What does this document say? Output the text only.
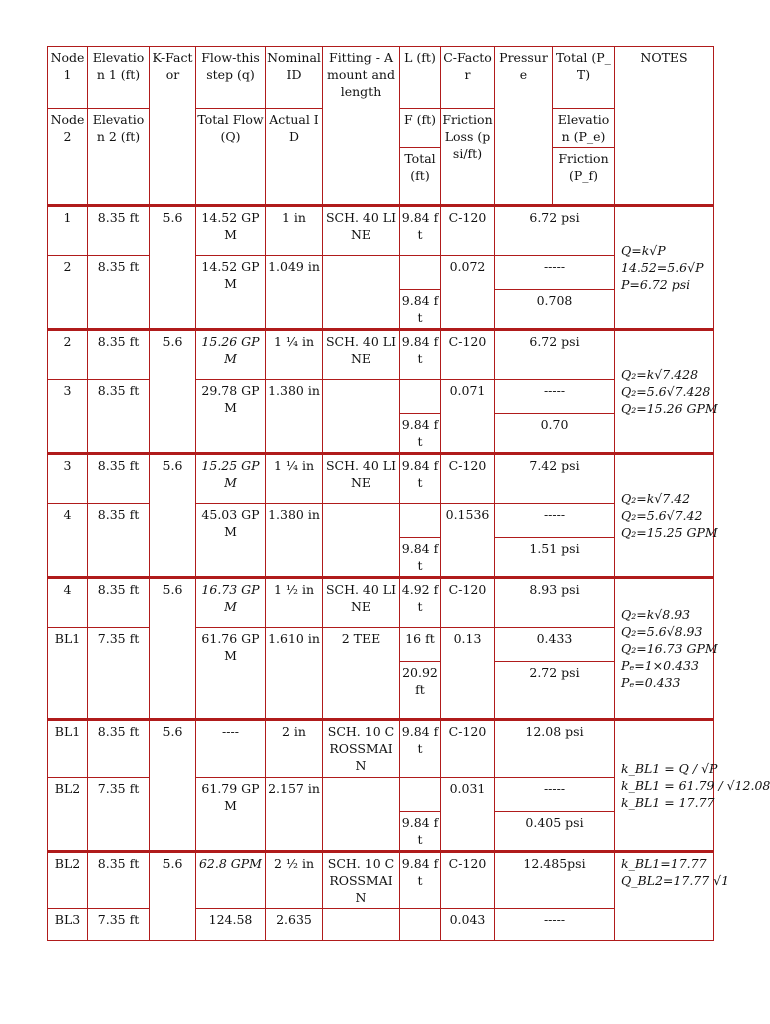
Node 1	Elevation 1 (ft)	K-Factor	Flow-this step (q)	Nominal ID	Fitting - Amount and length	L (ft)	C-Factor	Pressure	Total (P_T)	NOTES
Node 2	Elevation 2 (ft)		Total Flow (Q)	Actual ID		F (ft)	Friction Loss (psi/ft)		Elevation (P_e)	
						Total (ft)			Friction (P_f)	
1	8.35 ft	5.6	14.52 GPM	1 in	SCH. 40 LINE	9.84 ft	C-120	6.72 psi		Q=k√P
14.52=5.6√P
P=6.72 psi

2	8.35 ft		14.52 GPM	1.049 in			0.072	-----		
						9.84 ft		0.708		
2	8.35 ft	5.6	15.26 GPM	1 ¼ in	SCH. 40 LINE	9.84 ft	C-120	6.72 psi		Q₂=k√7.428
Q₂=5.6√7.428
Q₂=15.26 GPM

3	8.35 ft		29.78 GPM	1.380 in			0.071	-----		
						9.84 ft		0.70		
3	8.35 ft	5.6	15.25 GPM	1 ¼ in	SCH. 40 LINE	9.84 ft	C-120	7.42 psi		Q₂=k√7.42
Q₂=5.6√7.42
Q₂=15.25 GPM

4	8.35 ft		45.03 GPM	1.380 in			0.1536	-----		
						9.84 ft		1.51 psi		
4	8.35 ft	5.6	16.73 GPM	1 ½ in	SCH. 40 LINE	4.92 ft	C-120	8.93 psi		Q₂=k√8.93
Q₂=5.6√8.93
Q₂=16.73 GPM
Pₑ=1×0.433
Pₑ=0.433

BL1	7.35 ft		61.76 GPM	1.610 in	2 TEE	16 ft	0.13	0.433		
						20.92 ft		2.72 psi		
BL1	8.35 ft	5.6	----	2 in	SCH. 10 CROSSMAIN	9.84 ft	C-120	12.08 psi		k_BL1 = Q / √P
k_BL1 = 61.79 / √12.08
k_BL1 = 17.77

BL2	7.35 ft		61.79 GPM	2.157 in			0.031	-----		
						9.84 ft		0.405 psi		
BL2	8.35 ft	5.6	62.8 GPM	2 ½ in	SCH. 10 CROSSMAIN	9.84 ft	C-120	12.485psi		k_BL1=17.77
Q_BL2=17.77 √1

BL3	7.35 ft		124.58	2.635			0.043	-----		
